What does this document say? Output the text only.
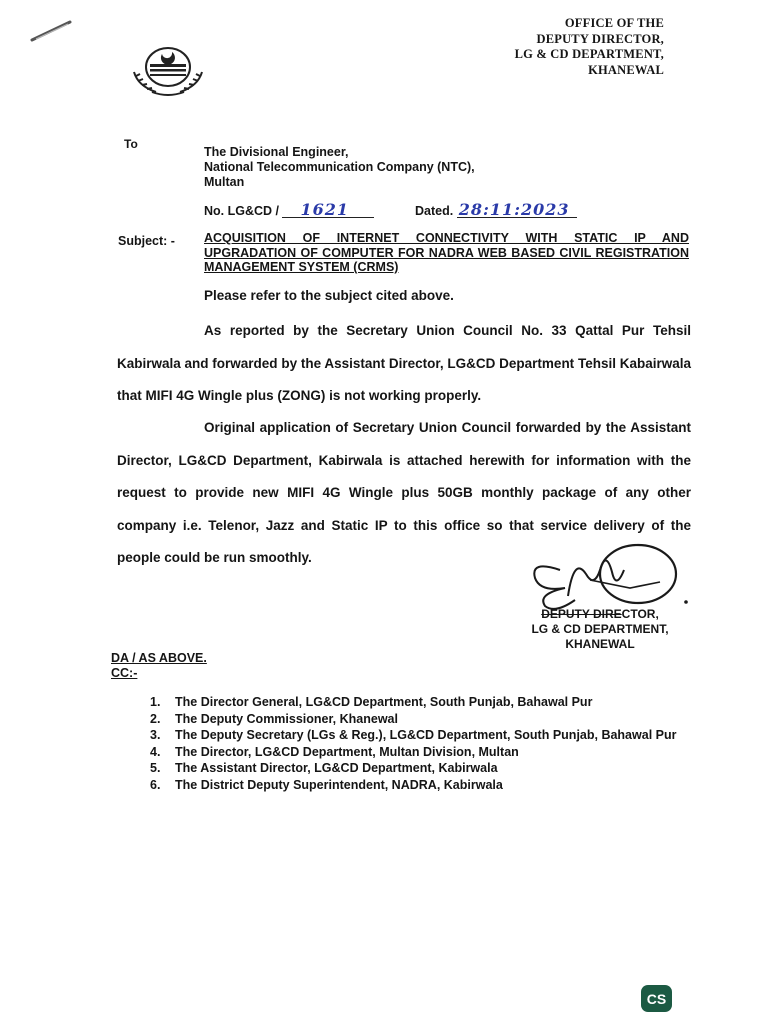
OFFICE OF THE
DEPUTY DIRECTOR,
LG & CD DEPARTMENT,
KHANEWAL
To
The Divisional Engineer,
National Telecommunication Company (NTC),
Multan
No. LG&CD / 1621	Dated. 28:11:2023
Subject: - ACQUISITION OF INTERNET CONNECTIVITY WITH STATIC IP AND UPGRADATION OF COMPUTER FOR NADRA WEB BASED CIVIL REGISTRATION MANAGEMENT SYSTEM (CRMS)
Please refer to the subject cited above.
As reported by the Secretary Union Council No. 33 Qattal Pur Tehsil Kabirwala and forwarded by the Assistant Director, LG&CD Department Tehsil Kabairwala that MIFI 4G Wingle plus (ZONG) is not working properly.
Original application of Secretary Union Council forwarded by the Assistant Director, LG&CD Department, Kabirwala is attached herewith for information with the request to provide new MIFI 4G Wingle plus 50GB monthly package of any other company i.e. Telenor, Jazz and Static IP to this office so that service delivery of the people could be run smoothly.
DEPUTY DIRECTOR,
LG & CD DEPARTMENT,
KHANEWAL
DA / AS ABOVE.
CC:-
1.	The Director General, LG&CD Department, South Punjab, Bahawal Pur
2.	The Deputy Commissioner, Khanewal
3.	The Deputy Secretary (LGs & Reg.), LG&CD Department, South Punjab, Bahawal Pur
4.	The Director, LG&CD Department, Multan Division, Multan
5.	The Assistant Director, LG&CD Department, Kabirwala
6.	The District Deputy Superintendent, NADRA, Kabirwala
CS
